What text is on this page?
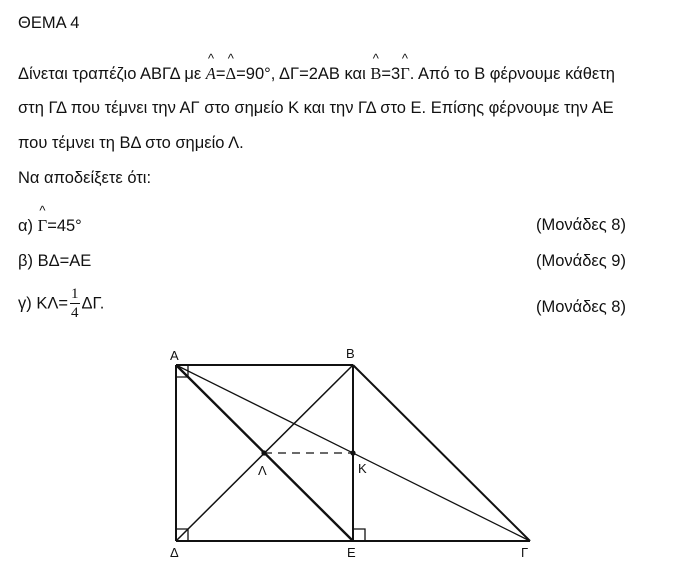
ΘΕΜΑ 4
Δίνεται τραπέζιο ΑΒΓΔ με ^ A=^ Δ=90°, ΔΓ=2ΑΒ και ^ B=3^ Γ. Από το Β φέρνουμε κάθετη
στη ΓΔ που τέμνει την ΑΓ στο σημείο Κ και την ΓΔ στο Ε. Επίσης φέρνουμε την ΑΕ
που τέμνει τη ΒΔ στο σημείο Λ.
Να αποδείξετε ότι:
α) ^ Γ=45°	(Μονάδες 8)
β) ΒΔ=ΑΕ	(Μονάδες 9)
γ) $K\Lambda= \frac{1}{4} \Delta\Gamma$.	(Μονάδες 8)
Α	Β
Δ	Ε	Γ
Λ	Κ
